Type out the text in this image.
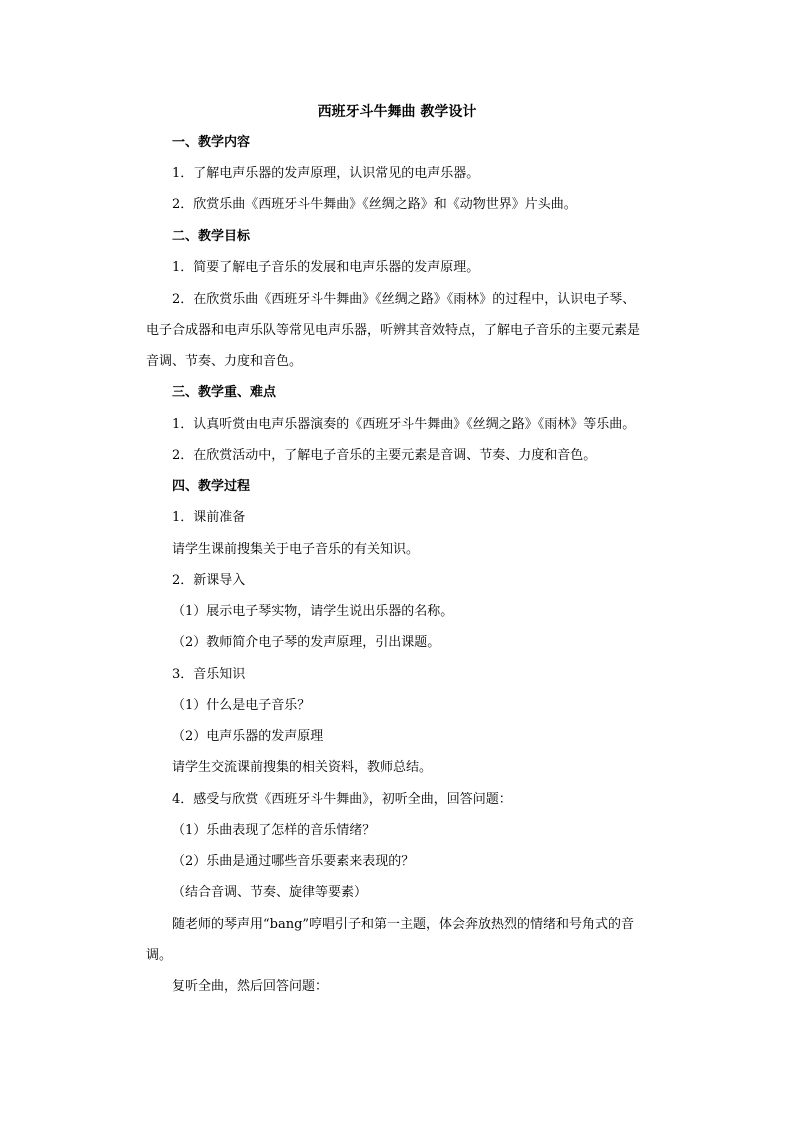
西班牙斗牛舞曲 教学设计
一、教学内容
1．了解电声乐器的发声原理，认识常见的电声乐器。
2．欣赏乐曲《西班牙斗牛舞曲》《丝绸之路》和《动物世界》片头曲。
二、教学目标
1．简要了解电子音乐的发展和电声乐器的发声原理。
2．在欣赏乐曲《西班牙斗牛舞曲》《丝绸之路》《雨林》的过程中，认识电子琴、
电子合成器和电声乐队等常见电声乐器，听辨其音效特点，了解电子音乐的主要元素是
音调、节奏、力度和音色。
三、教学重、难点
1．认真听赏由电声乐器演奏的《西班牙斗牛舞曲》《丝绸之路》《雨林》等乐曲。
2．在欣赏活动中，了解电子音乐的主要元素是音调、节奏、力度和音色。
四、教学过程
1．课前准备
请学生课前搜集关于电子音乐的有关知识。
2．新课导入
（1）展示电子琴实物，请学生说出乐器的名称。
（2）教师简介电子琴的发声原理，引出课题。
3．音乐知识
（1）什么是电子音乐？
（2）电声乐器的发声原理
请学生交流课前搜集的相关资料，教师总结。
4．感受与欣赏《西班牙斗牛舞曲》，初听全曲，回答问题：
（1）乐曲表现了怎样的音乐情绪？
（2）乐曲是通过哪些音乐要素来表现的？
（结合音调、节奏、旋律等要素）
随老师的琴声用“bang”哼唱引子和第一主题，体会奔放热烈的情绪和号角式的音
调。
复听全曲，然后回答问题：
